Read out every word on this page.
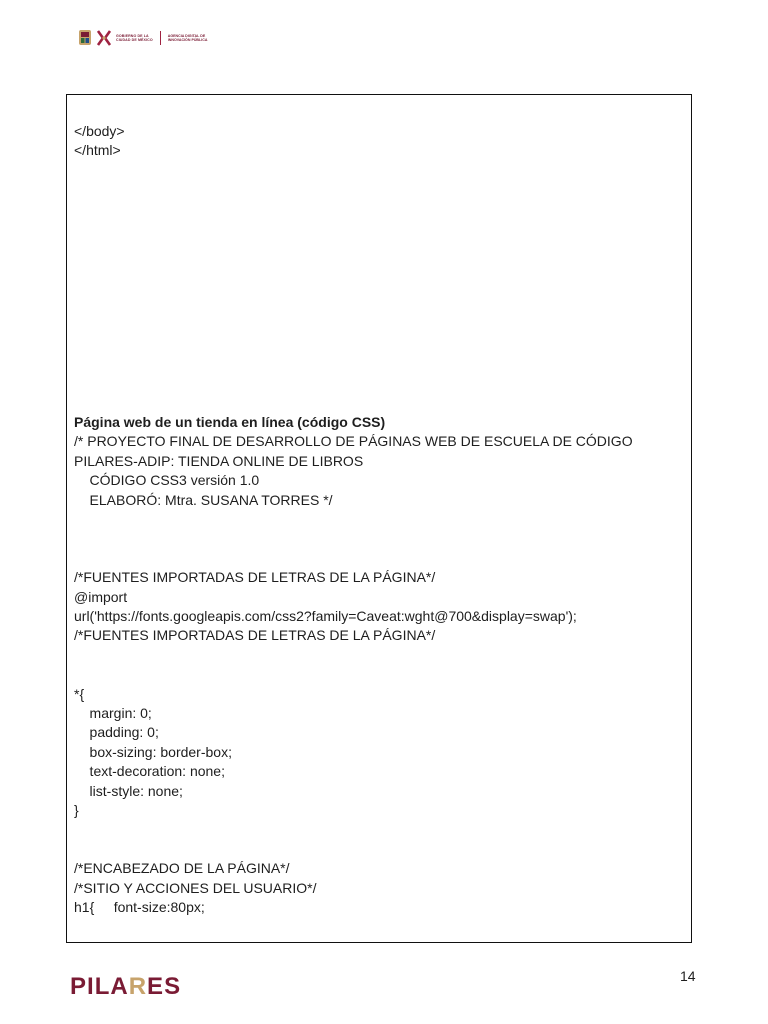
GOBIERNO DE LA
CIUDAD DE MÉXICO
AGENCIA DIGITAL DE
INNOVACIÓN PÚBLICA
</body>
</html>
Página web de un tienda en línea (código CSS)
/* PROYECTO FINAL DE DESARROLLO DE PÁGINAS WEB DE ESCUELA DE CÓDIGO
PILARES-ADIP: TIENDA ONLINE DE LIBROS
CÓDIGO CSS3 versión 1.0
ELABORÓ: Mtra. SUSANA TORRES */
/*FUENTES IMPORTADAS DE LETRAS DE LA PÁGINA*/
@import
url('https://fonts.googleapis.com/css2?family=Caveat:wght@700&display=swap');
/*FUENTES IMPORTADAS DE LETRAS DE LA PÁGINA*/
*{
margin: 0;
padding: 0;
box-sizing: border-box;
text-decoration: none;
list-style: none;
}
/*ENCABEZADO DE LA PÁGINA*/
/*SITIO Y ACCIONES DEL USUARIO*/
h1{     font-size:80px;
P I L A R E S	14
